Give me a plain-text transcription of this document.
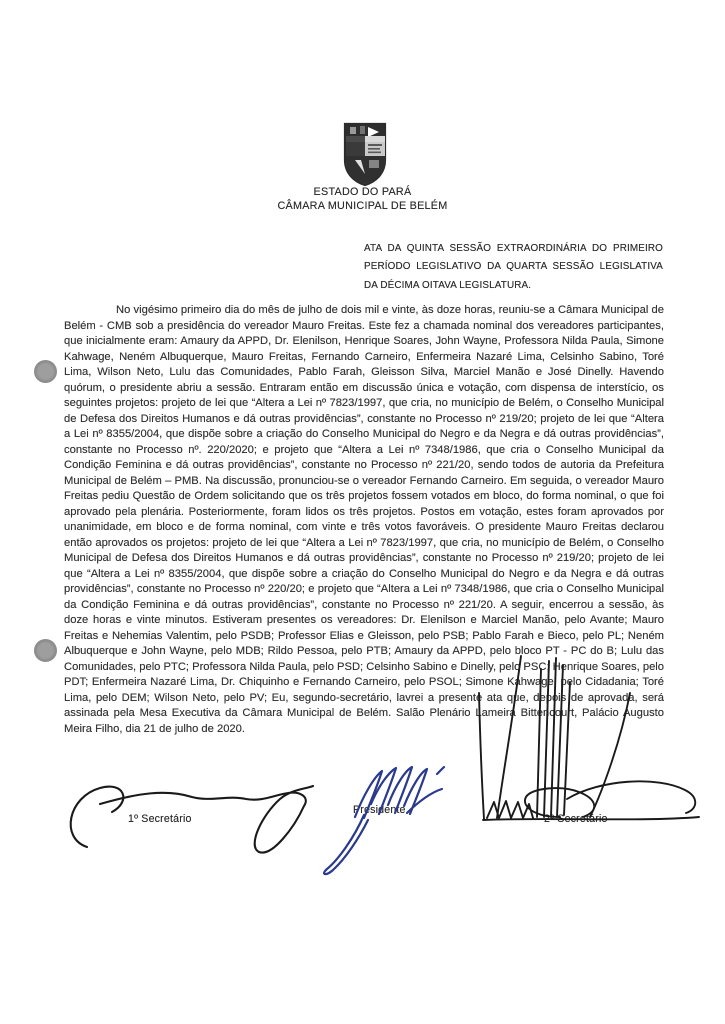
ESTADO DO PARÁ
CÂMARA MUNICIPAL DE BELÉM
ATA DA QUINTA SESSÃO EXTRAORDINÁRIA DO PRIMEIRO PERÍODO LEGISLATIVO DA QUARTA SESSÃO LEGISLATIVA DA DÉCIMA OITAVA LEGISLATURA.

No vigésimo primeiro dia do mês de julho de dois mil e vinte, às doze horas, reuniu-se a Câmara Municipal de Belém - CMB sob a presidência do vereador Mauro Freitas. Este fez a chamada nominal dos vereadores participantes, que inicialmente eram: Amaury da APPD, Dr. Elenilson, Henrique Soares, John Wayne, Professora Nilda Paula, Simone Kahwage, Neném Albuquerque, Mauro Freitas, Fernando Carneiro, Enfermeira Nazaré Lima, Celsinho Sabino, Toré Lima, Wilson Neto, Lulu das Comunidades, Pablo Farah, Gleisson Silva, Marciel Manão e José Dinelly. Havendo quórum, o presidente abriu a sessão. Entraram então em discussão única e votação, com dispensa de interstício, os seguintes projetos: projeto de lei que “Altera a Lei nº 7823/1997, que cria, no município de Belém, o Conselho Municipal de Defesa dos Direitos Humanos e dá outras providências”, constante no Processo nº 219/20; projeto de lei que “Altera a Lei nº 8355/2004, que dispõe sobre a criação do Conselho Municipal do Negro e da Negra e dá outras providências”, constante no Processo nº. 220/2020; e projeto que “Altera a Lei nº 7348/1986, que cria o Conselho Municipal da Condição Feminina e dá outras providências”, constante no Processo nº 221/20, sendo todos de autoria da Prefeitura Municipal de Belém – PMB. Na discussão, pronunciou-se o vereador Fernando Carneiro. Em seguida, o vereador Mauro Freitas pediu Questão de Ordem solicitando que os três projetos fossem votados em bloco, do forma nominal, o que foi aprovado pela plenária. Posteriormente, foram lidos os três projetos. Postos em votação, estes foram aprovados por unanimidade, em bloco e de forma nominal, com vinte e três votos favoráveis. O presidente Mauro Freitas declarou então aprovados os projetos: projeto de lei que “Altera a Lei nº 7823/1997, que cria, no município de Belém, o Conselho Municipal de Defesa dos Direitos Humanos e dá outras providências”, constante no Processo nº 219/20; projeto de lei que “Altera a Lei nº 8355/2004, que dispõe sobre a criação do Conselho Municipal do Negro e da Negra e dá outras providências”, constante no Processo nº 220/20; e projeto que “Altera a Lei nº 7348/1986, que cria o Conselho Municipal da Condição Feminina e dá outras providências”, constante no Processo nº 221/20. A seguir, encerrou a sessão, às doze horas e vinte minutos. Estiveram presentes os vereadores: Dr. Elenilson e Marciel Manão, pelo Avante; Mauro Freitas e Nehemias Valentim, pelo PSDB; Professor Elias e Gleisson, pelo PSB; Pablo Farah e Bieco, pelo PL; Neném Albuquerque e John Wayne, pelo MDB; Rildo Pessoa, pelo PTB; Amaury da APPD, pelo bloco PT - PC do B; Lulu das Comunidades, pelo PTC; Professora Nilda Paula, pelo PSD; Celsinho Sabino e Dinelly, pelo PSC; Henrique Soares, pelo PDT; Enfermeira Nazaré Lima, Dr. Chiquinho e Fernando Carneiro, pelo PSOL; Simone Kahwage, pelo Cidadania; Toré Lima, pelo DEM; Wilson Neto, pelo PV; Eu, segundo-secretário, lavrei a presente ata que, depois de aprovada, será assinada pela Mesa Executiva da Câmara Municipal de Belém. Salão Plenário Lameira Bittencourt, Palácio Augusto Meira Filho, dia 21 de julho de 2020.

1º Secretário
Presidente
2º Secretário
